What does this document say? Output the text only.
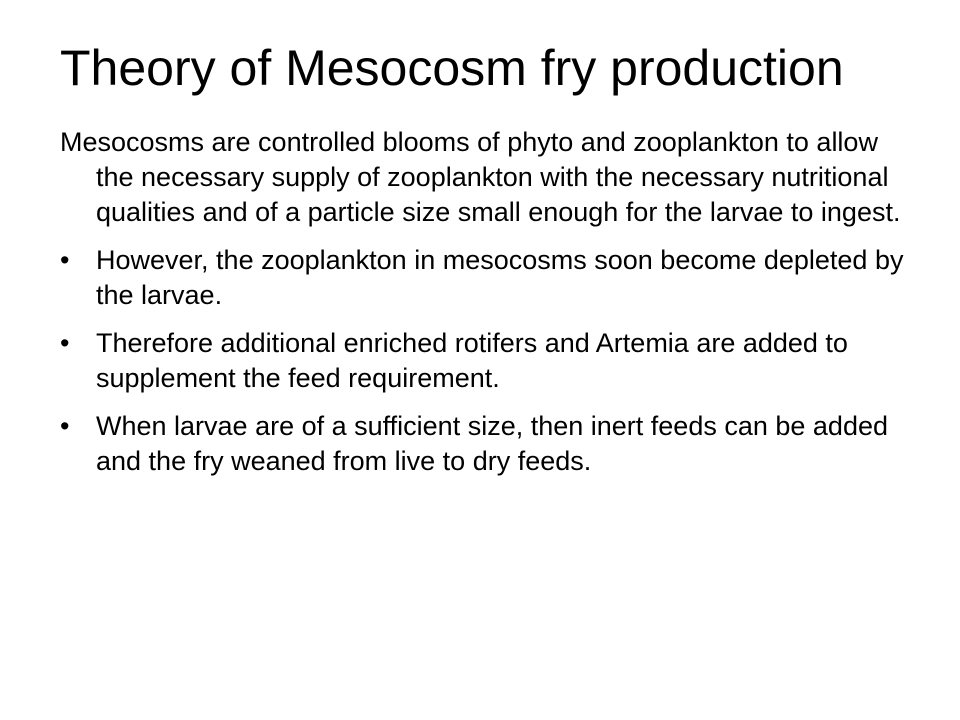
Theory of Mesocosm fry production
Mesocosms are controlled blooms of phyto and zooplankton to allow the necessary supply of zooplankton with the necessary nutritional qualities and of a particle size small enough for the larvae to ingest.
• However, the zooplankton in mesocosms soon become depleted by the larvae.
• Therefore additional enriched rotifers and Artemia are added to supplement the feed requirement.
• When larvae are of a sufficient size, then inert feeds can be added and the fry weaned from live to dry feeds.
